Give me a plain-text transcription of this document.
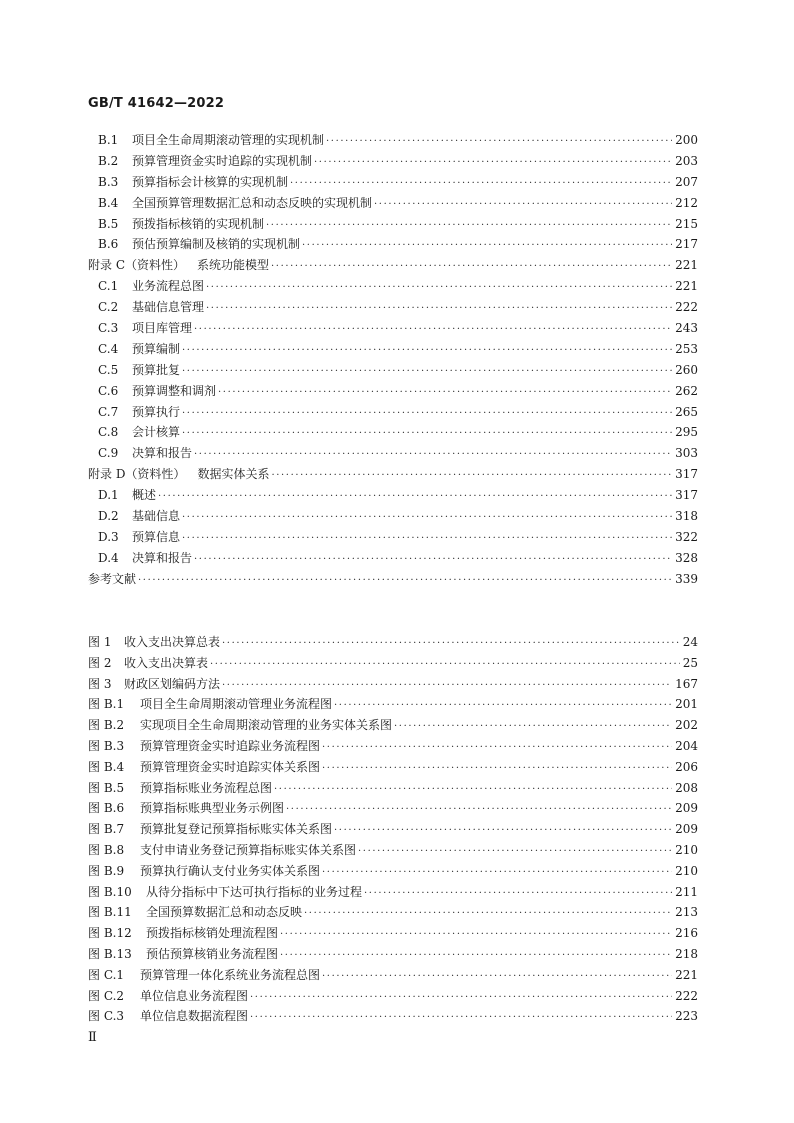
GB/T 41642—2022
B.1 项目全生命周期滚动管理的实现机制 ·····	200
B.2 预算管理资金实时追踪的实现机制 ·····	203
B.3 预算指标会计核算的实现机制 ·····	207
B.4 全国预算管理数据汇总和动态反映的实现机制 ·····	212
B.5 预拨指标核销的实现机制 ·····	215
B.6 预估预算编制及核销的实现机制 ·····	217
附录 C（资料性） 系统功能模型 ·····	221
C.1 业务流程总图 ·····	221
C.2 基础信息管理 ·····	222
C.3 项目库管理 ·····	243
C.4 预算编制 ·····	253
C.5 预算批复 ·····	260
C.6 预算调整和调剂 ·····	262
C.7 预算执行 ·····	265
C.8 会计核算 ·····	295
C.9 决算和报告 ·····	303
附录 D（资料性） 数据实体关系 ·····	317
D.1 概述 ·····	317
D.2 基础信息 ·····	318
D.3 预算信息 ·····	322
D.4 决算和报告 ·····	328
参考文献 ·····	339
图 1 收入支出决算总表 ·····	24
图 2 收入支出决算表 ·····	25
图 3 财政区划编码方法 ·····	167
图 B.1 项目全生命周期滚动管理业务流程图 ·····	201
图 B.2 实现项目全生命周期滚动管理的业务实体关系图 ·····	202
图 B.3 预算管理资金实时追踪业务流程图 ·····	204
图 B.4 预算管理资金实时追踪实体关系图 ·····	206
图 B.5 预算指标账业务流程总图 ·····	208
图 B.6 预算指标账典型业务示例图 ·····	209
图 B.7 预算批复登记预算指标账实体关系图 ·····	209
图 B.8 支付申请业务登记预算指标账实体关系图 ·····	210
图 B.9 预算执行确认支付业务实体关系图 ·····	210
图 B.10 从待分指标中下达可执行指标的业务过程 ·····	211
图 B.11 全国预算数据汇总和动态反映 ·····	213
图 B.12 预拨指标核销处理流程图 ·····	216
图 B.13 预估预算核销业务流程图 ·····	218
图 C.1 预算管理一体化系统业务流程总图 ·····	221
图 C.2 单位信息业务流程图 ·····	222
图 C.3 单位信息数据流程图 ·····	223
Ⅱ
